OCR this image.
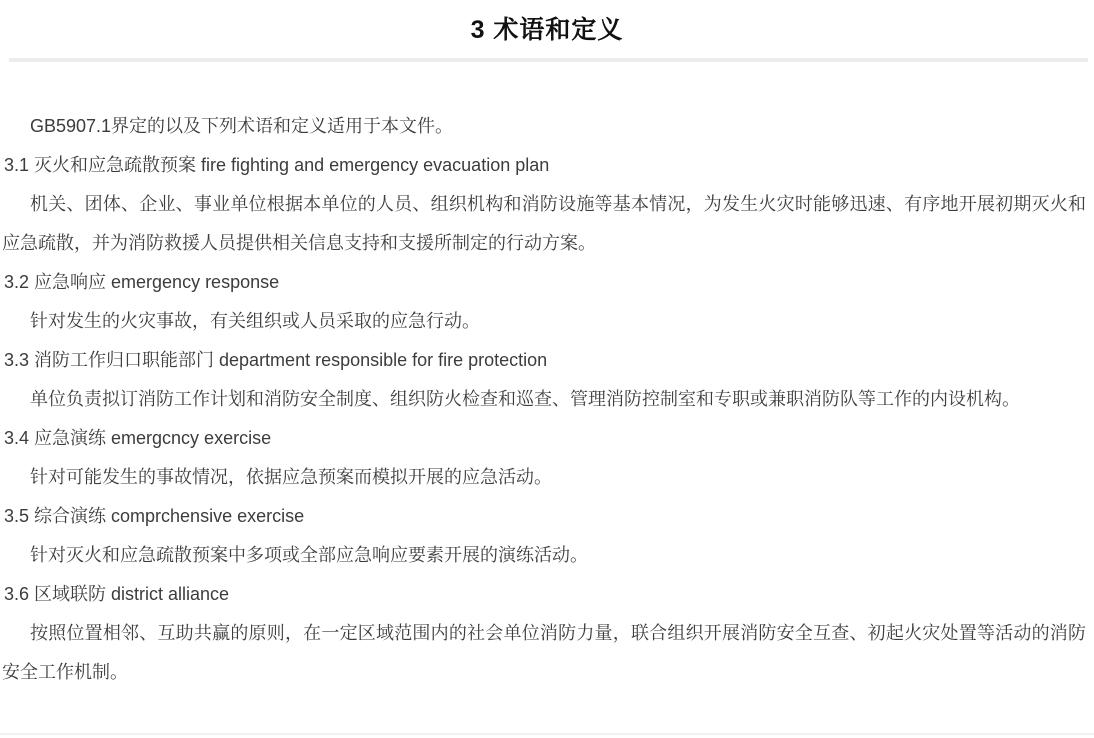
3 术语和定义

GB5907.1界定的以及下列术语和定义适用于本文件。

3.1 灭火和应急疏散预案 fire fighting and emergency evacuation plan

机关、团体、企业、事业单位根据本单位的人员、组织机构和消防设施等基本情况，为发生火灾时能够迅速、有序地开展初期灭火和应急疏散，并为消防救援人员提供相关信息支持和支援所制定的行动方案。

3.2 应急响应 emergency response

针对发生的火灾事故，有关组织或人员采取的应急行动。

3.3 消防工作归口职能部门 department responsible for fire protection

单位负责拟订消防工作计划和消防安全制度、组织防火检查和巡查、管理消防控制室和专职或兼职消防队等工作的内设机构。

3.4 应急演练 emergcncy exercise

针对可能发生的事故情况，依据应急预案而模拟开展的应急活动。

3.5 综合演练 comprchensive exercise

针对灭火和应急疏散预案中多项或全部应急响应要素开展的演练活动。

3.6 区域联防 district alliance

按照位置相邻、互助共赢的原则，在一定区域范围内的社会单位消防力量，联合组织开展消防安全互查、初起火灾处置等活动的消防安全工作机制。
